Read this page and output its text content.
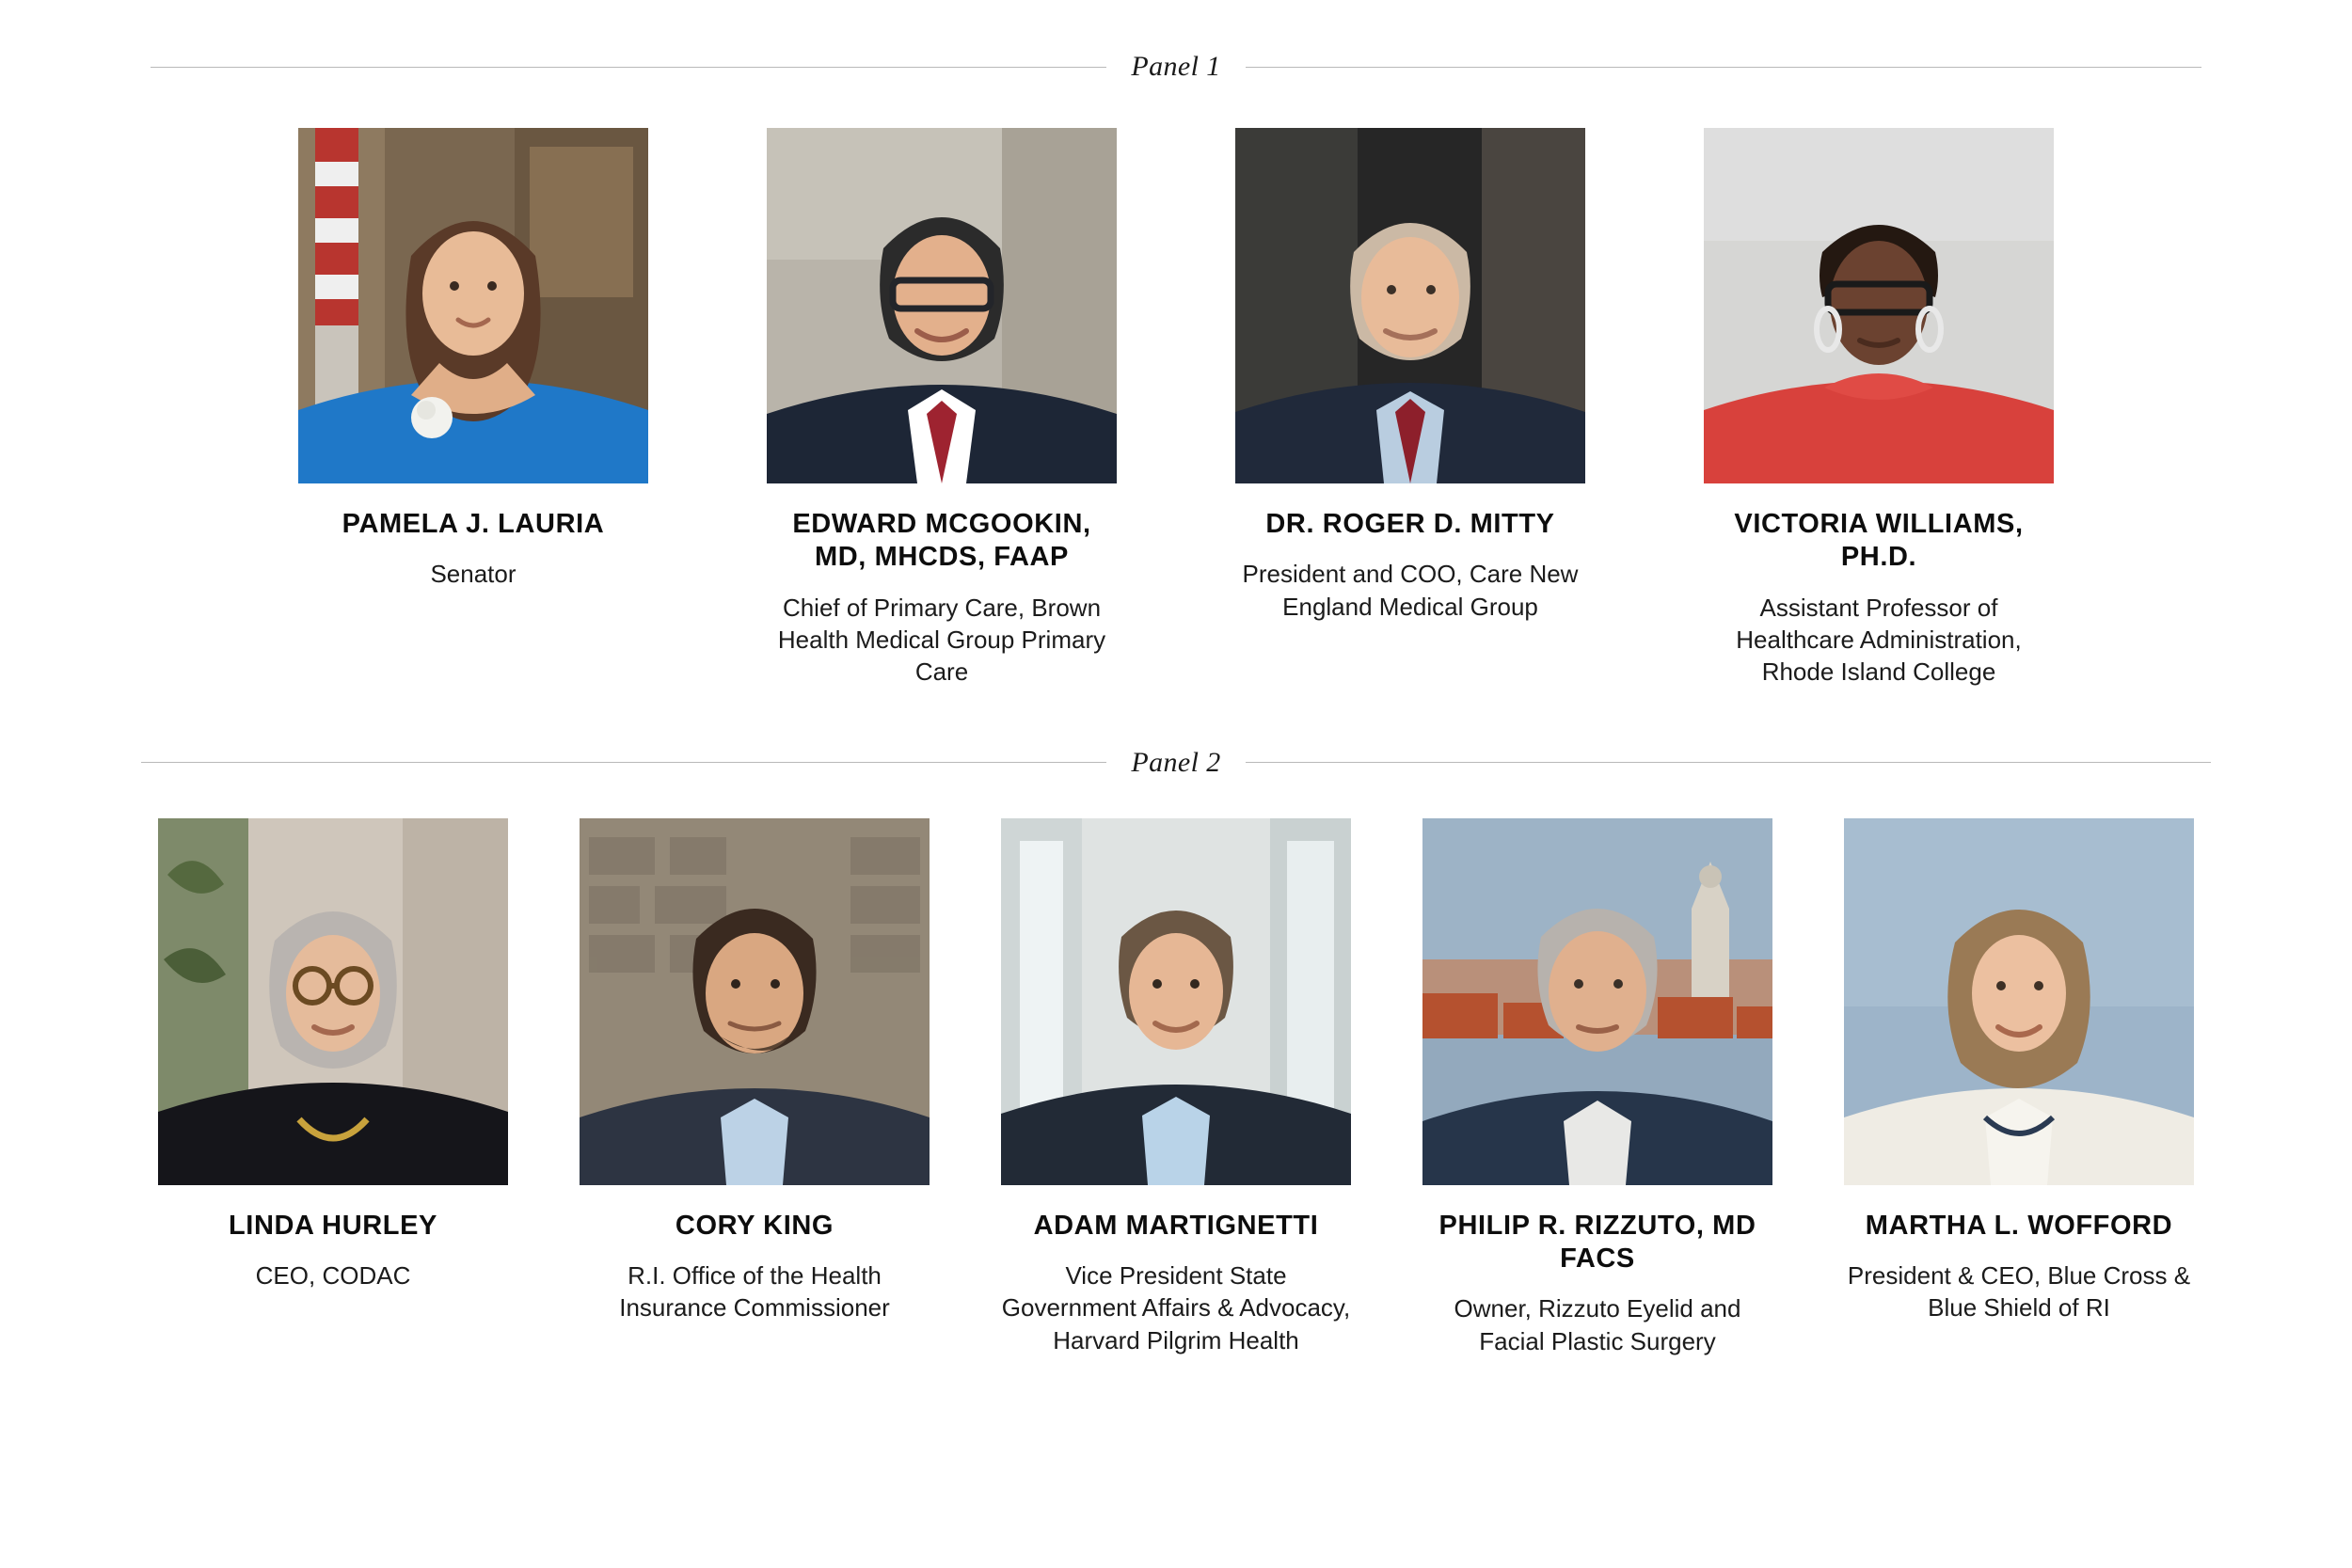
Panel 1
PAMELA J. LAURIA
Senator
EDWARD MCGOOKIN, MD, MHCDS, FAAP
Chief of Primary Care, Brown Health Medical Group Primary Care
DR. ROGER D. MITTY
President and COO, Care New England Medical Group
VICTORIA WILLIAMS, PH.D.
Assistant Professor of Healthcare Administration, Rhode Island College
Panel 2
LINDA HURLEY
CEO, CODAC
CORY KING
R.I. Office of the Health Insurance Commissioner
ADAM MARTIGNETTI
Vice President State Government Affairs & Advocacy, Harvard Pilgrim Health
PHILIP R. RIZZUTO, MD FACS
Owner, Rizzuto Eyelid and Facial Plastic Surgery
MARTHA L. WOFFORD
President & CEO, Blue Cross & Blue Shield of RI
